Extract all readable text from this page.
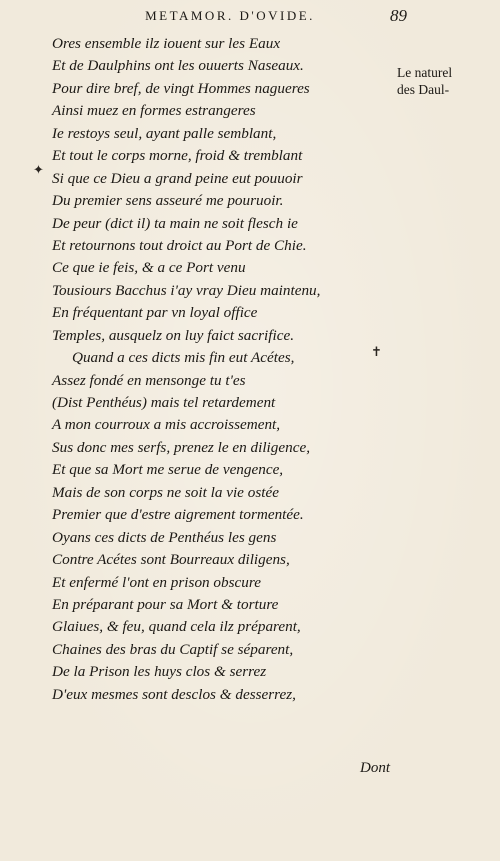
METAMOR. D'OVIDE.	89
Le naturel
des Daul-
Ores ensemble ilz iouent sur les Eaux
Et de Daulphins ont les ouuerts Naseaux.
Pour dire bref, de vingt Hommes nagueres
Ainsi muez en formes estrangeres
Ie restoys seul, ayant palle semblant,
Et tout le corps morne, froid & tremblant
Si que ce Dieu a grand peine eut pouuoir
Du premier sens asseuré me pouruoir.
De peur (dict il) ta main ne soit flesch ie
Et retournons tout droict au Port de Chie.
Ce que ie feis, & a ce Port venu
Tousiours Bacchus i'ay vray Dieu maintenu,
En fréquentant par vn loyal office
Temples, ausquelz on luy faict sacrifice.
Quand a ces dicts mis fin eut Acétes,
Assez fondé en mensonge tu t'es
(Dist Penthéus) mais tel retardement
A mon courroux a mis accroissement,
Sus donc mes serfs, prenez le en diligence,
Et que sa Mort me serue de vengence,
Mais de son corps ne soit la vie ostée
Premier que d'estre aigrement tormentée.
Oyans ces dicts de Penthéus les gens
Contre Acétes sont Bourreaux diligens,
Et enfermé l'ont en prison obscure
En préparant pour sa Mort & torture
Glaiues, & feu, quand cela ilz préparent,
Chaines des bras du Captif se séparent,
De la Prison les huys clos & serrez
D'eux mesmes sont desclos & desserrez,
✦
✝
Dont
